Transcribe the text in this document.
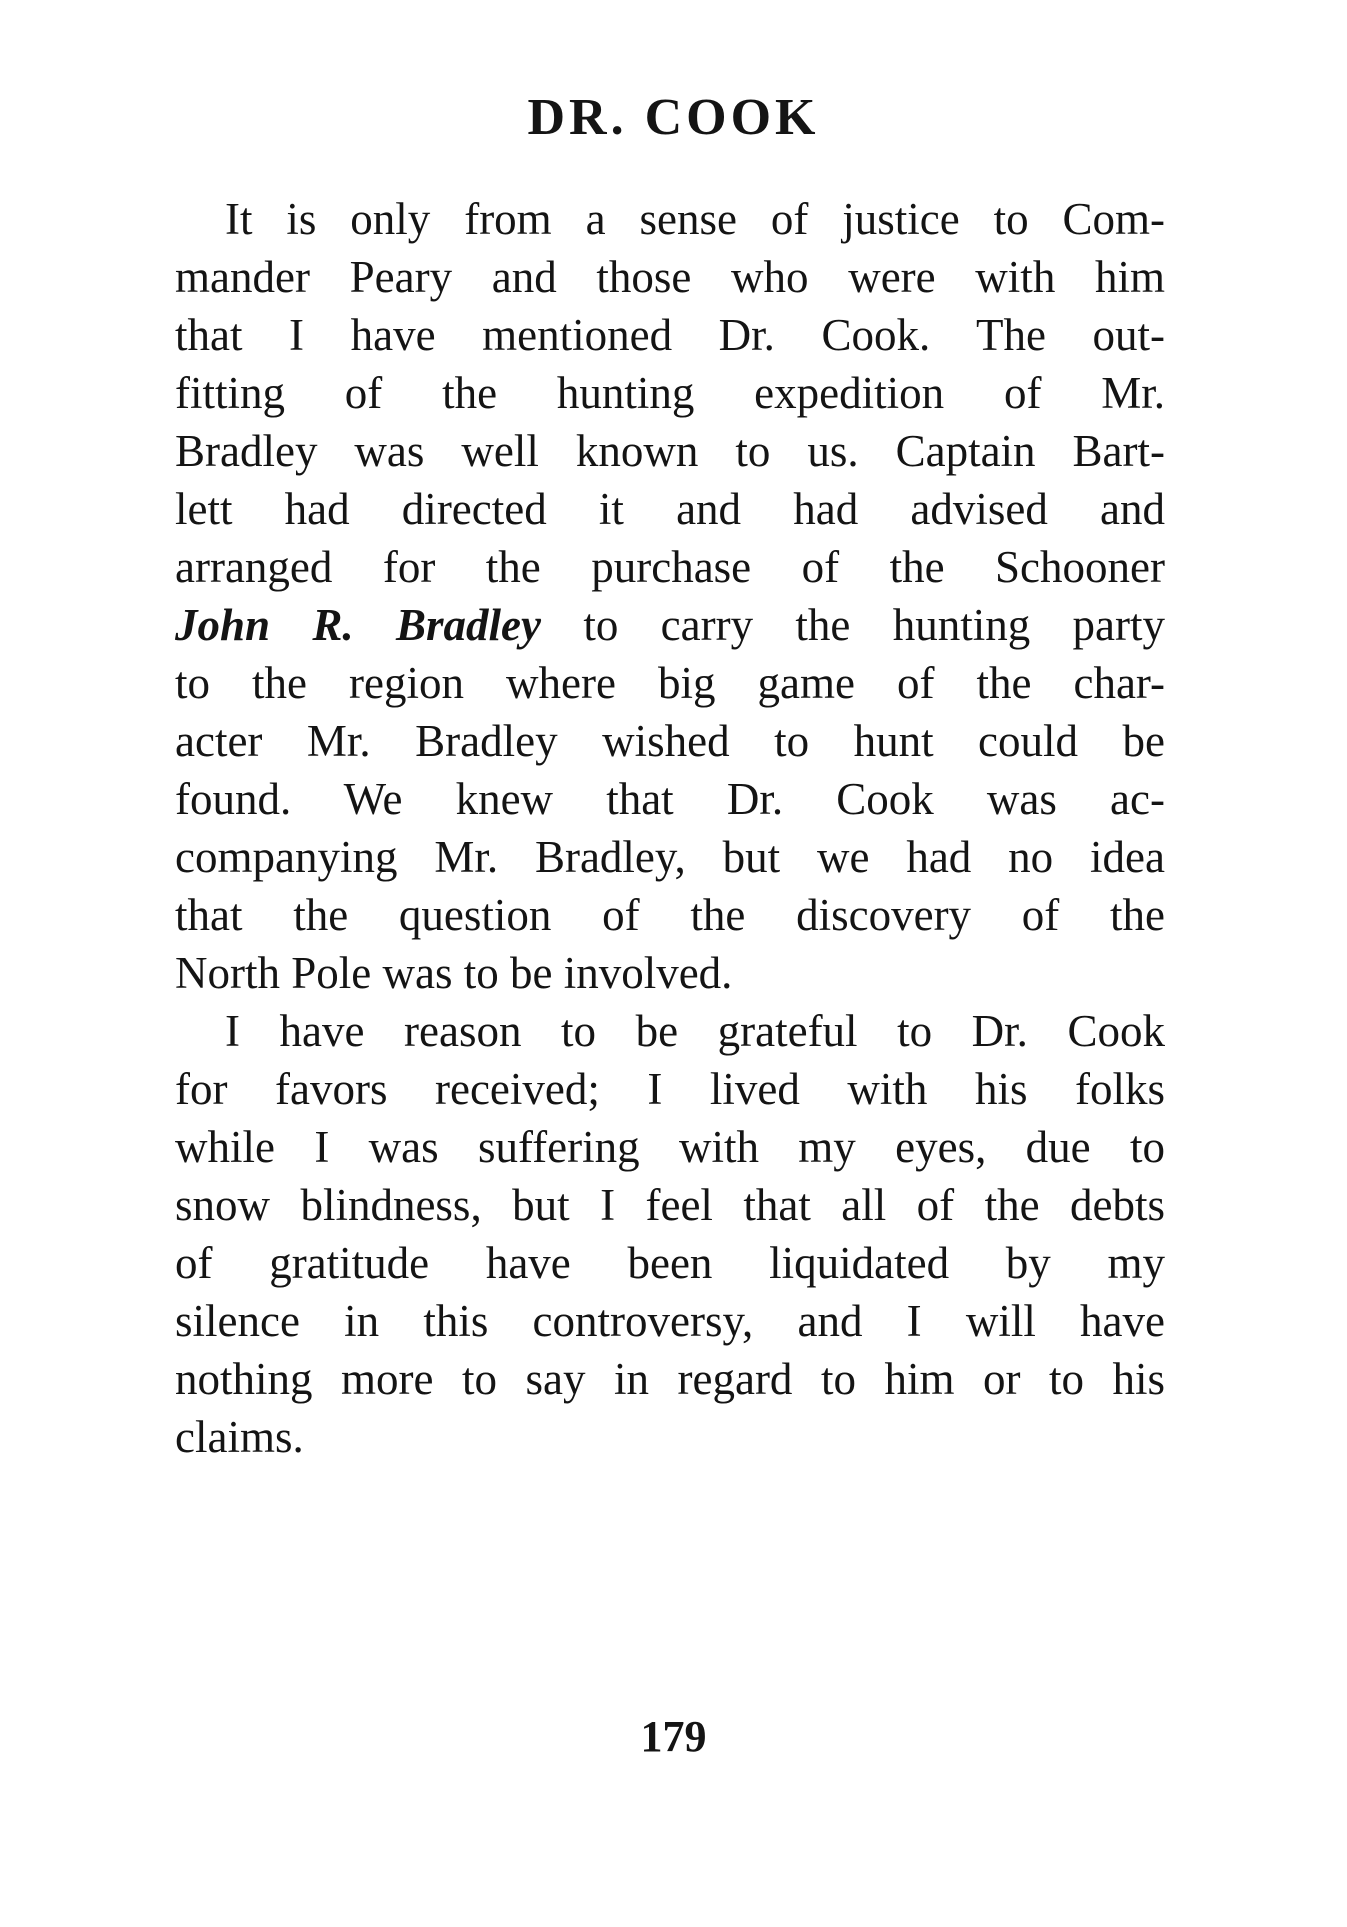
DR. COOK
It is only from a sense of justice to Com-
mander Peary and those who were with him
that I have mentioned Dr. Cook. The out-
fitting of the hunting expedition of Mr.
Bradley was well known to us. Captain Bart-
lett had directed it and had advised and
arranged for the purchase of the Schooner
John R. Bradley to carry the hunting party
to the region where big game of the char-
acter Mr. Bradley wished to hunt could be
found. We knew that Dr. Cook was ac-
companying Mr. Bradley, but we had no idea
that the question of the discovery of the
North Pole was to be involved.
I have reason to be grateful to Dr. Cook
for favors received; I lived with his folks
while I was suffering with my eyes, due to
snow blindness, but I feel that all of the debts
of gratitude have been liquidated by my
silence in this controversy, and I will have
nothing more to say in regard to him or to his
claims.
179
